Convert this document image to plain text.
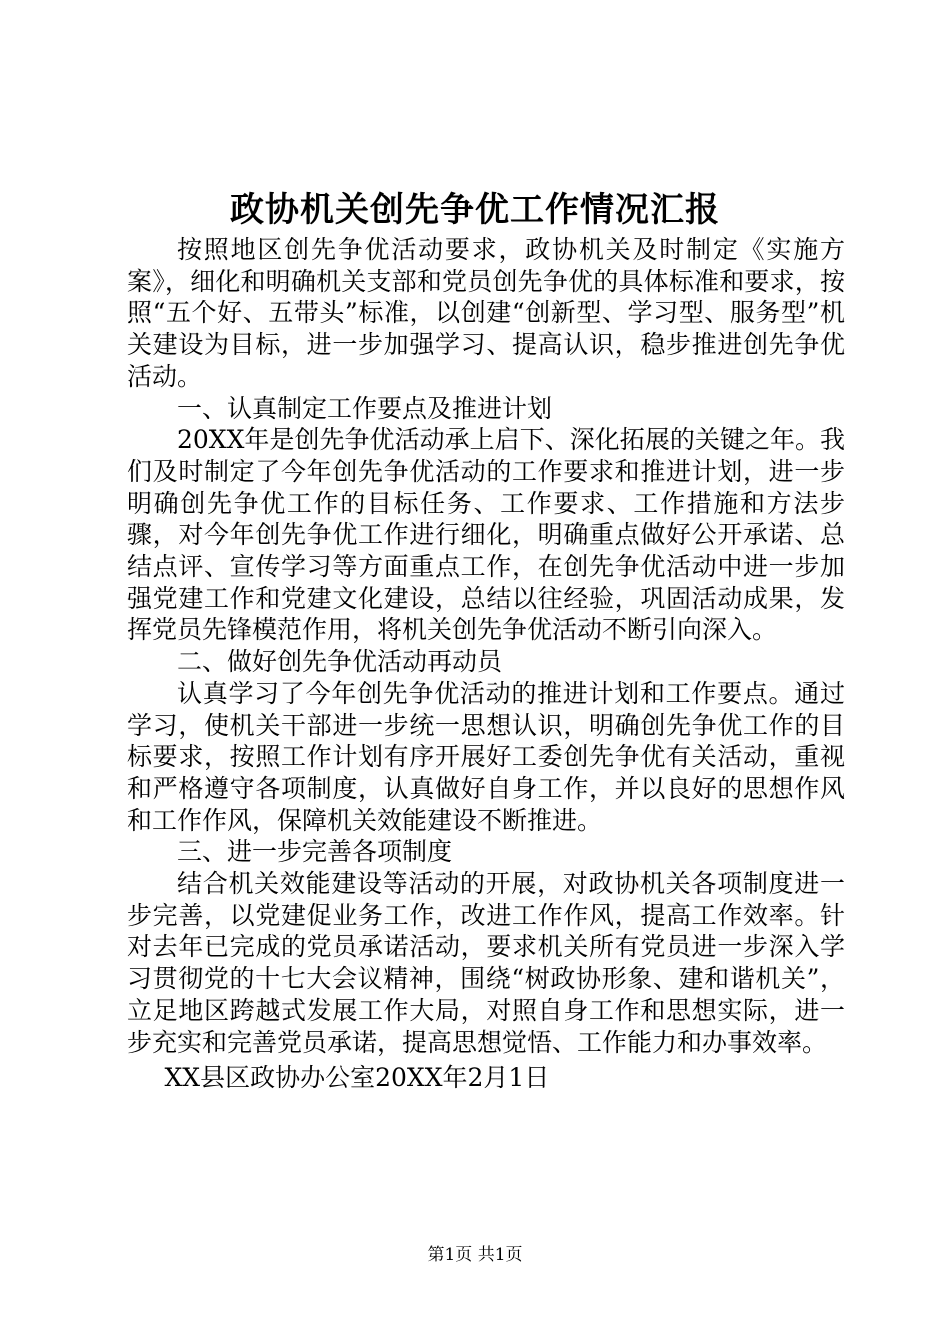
政协机关创先争优工作情况汇报

按照地区创先争优活动要求，政协机关及时制定《实施方案》，细化和明确机关支部和党员创先争优的具体标准和要求，按照“五个好、五带头”标准，以创建“创新型、学习型、服务型”机关建设为目标，进一步加强学习、提高认识，稳步推进创先争优活动。

一、认真制定工作要点及推进计划

20XX年是创先争优活动承上启下、深化拓展的关键之年。我们及时制定了今年创先争优活动的工作要求和推进计划，进一步明确创先争优工作的目标任务、工作要求、工作措施和方法步骤，对今年创先争优工作进行细化，明确重点做好公开承诺、总结点评、宣传学习等方面重点工作，在创先争优活动中进一步加强党建工作和党建文化建设，总结以往经验，巩固活动成果，发挥党员先锋模范作用，将机关创先争优活动不断引向深入。

二、做好创先争优活动再动员

认真学习了今年创先争优活动的推进计划和工作要点。通过学习，使机关干部进一步统一思想认识，明确创先争优工作的目标要求，按照工作计划有序开展好工委创先争优有关活动，重视和严格遵守各项制度，认真做好自身工作，并以良好的思想作风和工作作风，保障机关效能建设不断推进。

三、进一步完善各项制度

结合机关效能建设等活动的开展，对政协机关各项制度进一步完善，以党建促业务工作，改进工作作风，提高工作效率。针对去年已完成的党员承诺活动，要求机关所有党员进一步深入学习贯彻党的十七大会议精神，围绕“树政协形象、建和谐机关”，立足地区跨越式发展工作大局，对照自身工作和思想实际，进一步充实和完善党员承诺，提高思想觉悟、工作能力和办事效率。

XX县区政协办公室20XX年2月1日

第1页 共1页
